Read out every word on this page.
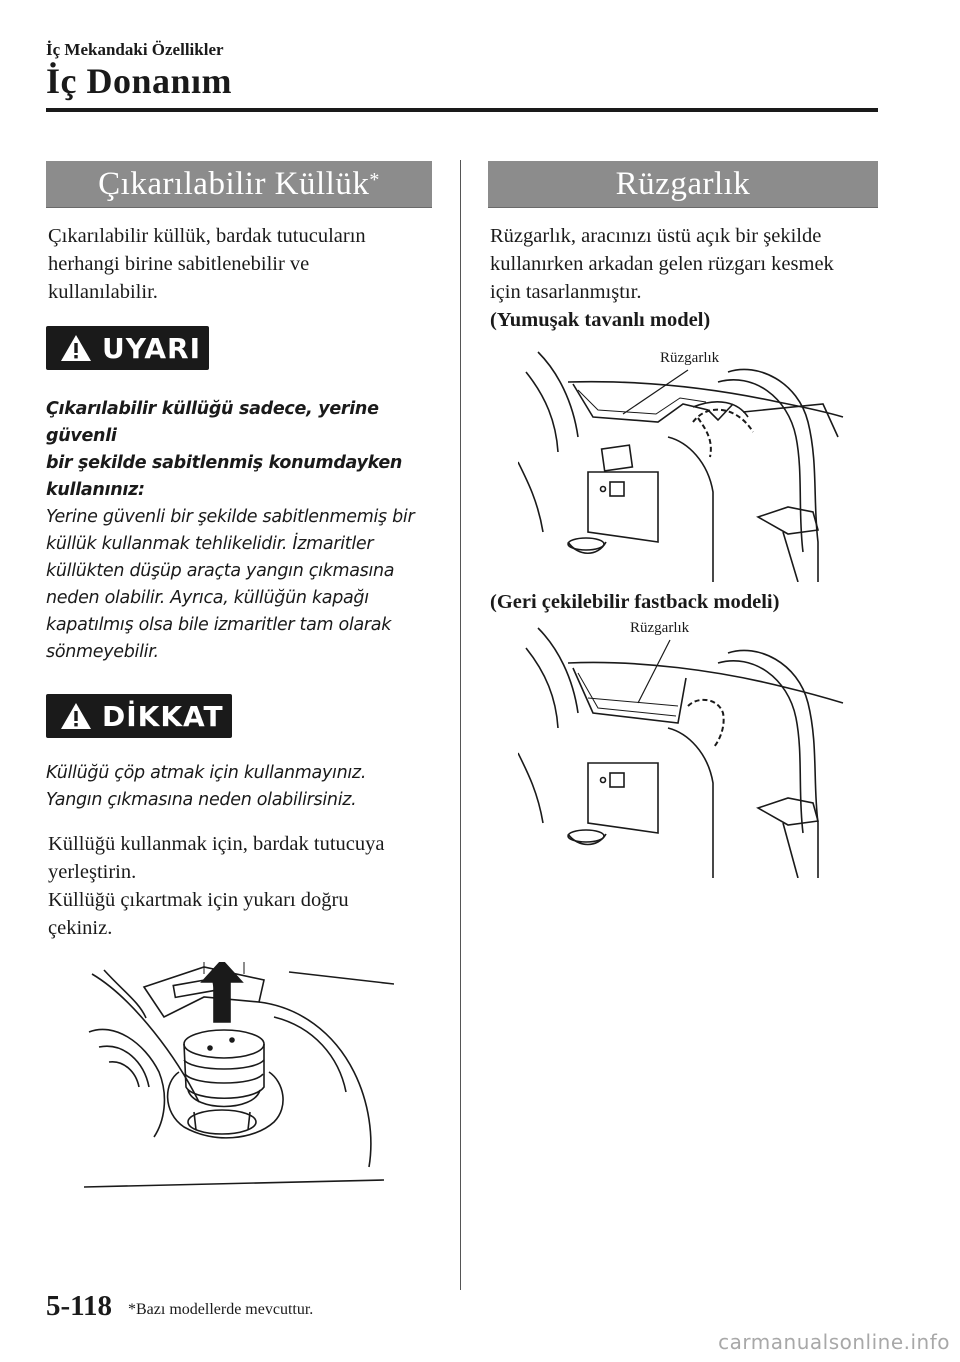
İç Mekandaki Özellikler
İç Donanım
Çıkarılabilir Küllük*

Çıkarılabilir küllük, bardak tutucuların

herhangi birine sabitlenebilir ve

kullanılabilir.

UYARI

Çıkarılabilir küllüğü sadece, yerine güvenli

bir şekilde sabitlenmiş konumdayken

kullanınız:

Yerine güvenli bir şekilde sabitlenmemiş bir

küllük kullanmak tehlikelidir. İzmaritler

küllükten düşüp araçta yangın çıkmasına

neden olabilir. Ayrıca, küllüğün kapağı

kapatılmış olsa bile izmaritler tam olarak

sönmeyebilir.

DİKKAT

Küllüğü çöp atmak için kullanmayınız.

Yangın çıkmasına neden olabilirsiniz.

Küllüğü kullanmak için, bardak tutucuya

yerleştirin.

Küllüğü çıkartmak için yukarı doğru

çekiniz.

Rüzgarlık

Rüzgarlık, aracınızı üstü açık bir şekilde

kullanırken arkadan gelen rüzgarı kesmek

için tasarlanmıştır.

(Yumuşak tavanlı model)

Rüzgarlık

(Geri çekilebilir fastback modeli)

Rüzgarlık
5-118 *Bazı modellerde mevcuttur.
carmanualsonline.info
